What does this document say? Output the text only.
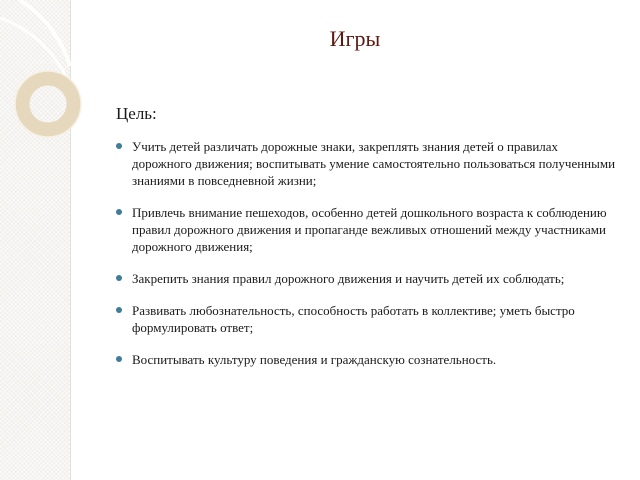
Игры
Цель:
Учить детей различать дорожные знаки, закреплять знания детей о правилах дорожного движения; воспитывать умение самостоятельно пользоваться полученными знаниями в повседневной жизни;
Привлечь внимание пешеходов, особенно детей дошкольного возраста к соблюдению правил дорожного движения и пропаганде вежливых отношений между участниками дорожного движения;
Закрепить знания правил дорожного движения и научить детей их соблюдать;
Развивать любознательность, способность работать в коллективе; уметь быстро формулировать ответ;
Воспитывать культуру поведения и гражданскую сознательность.
